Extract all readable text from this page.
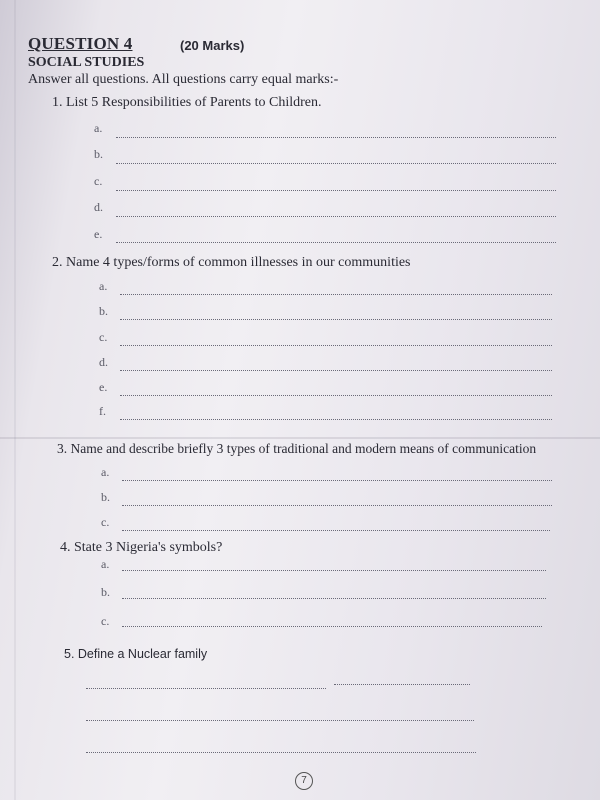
QUESTION 4	(20 Marks)
SOCIAL STUDIES
Answer all questions. All questions carry equal marks:-
1. List 5 Responsibilities of Parents to Children.
a.
b.
c.
d.
e.
2. Name 4 types/forms of common illnesses in our communities
a.
b.
c.
d.
e.
f.
3. Name and describe briefly 3 types of traditional and modern means of communication
a.
b.
c.
4. State 3 Nigeria's symbols?
a.
b.
c.
5. Define a Nuclear family
7
